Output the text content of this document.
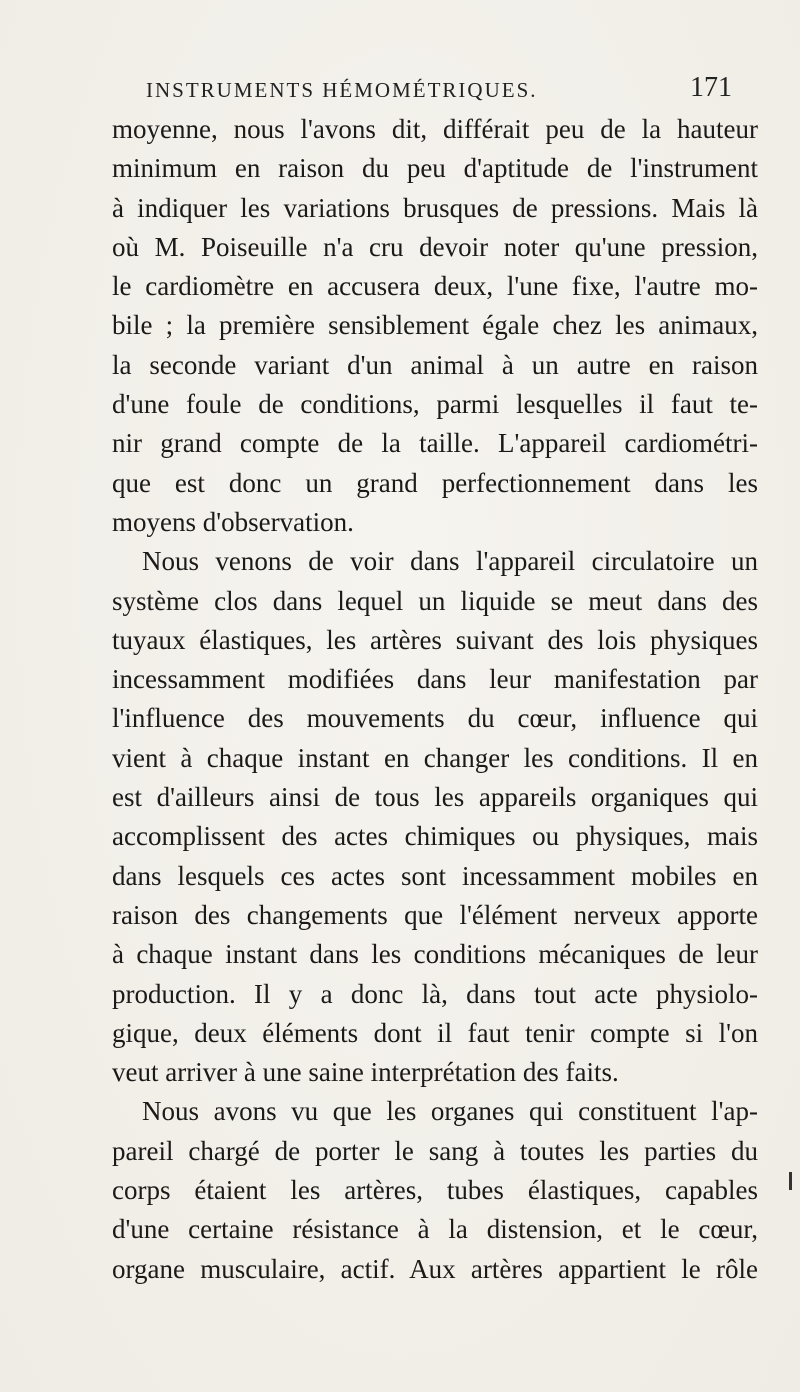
INSTRUMENTS HÉMOMÉTRIQUES.	171
moyenne, nous l'avons dit, différait peu de la hauteur
minimum en raison du peu d'aptitude de l'instrument
à indiquer les variations brusques de pressions. Mais là
où M. Poiseuille n'a cru devoir noter qu'une pression,
le cardiomètre en accusera deux, l'une fixe, l'autre mo-
bile ; la première sensiblement égale chez les animaux,
la seconde variant d'un animal à un autre en raison
d'une foule de conditions, parmi lesquelles il faut te-
nir grand compte de la taille. L'appareil cardiométri-
que est donc un grand perfectionnement dans les
moyens d'observation.
Nous venons de voir dans l'appareil circulatoire un
système clos dans lequel un liquide se meut dans des
tuyaux élastiques, les artères suivant des lois physiques
incessamment modifiées dans leur manifestation par
l'influence des mouvements du cœur, influence qui
vient à chaque instant en changer les conditions. Il en
est d'ailleurs ainsi de tous les appareils organiques qui
accomplissent des actes chimiques ou physiques, mais
dans lesquels ces actes sont incessamment mobiles en
raison des changements que l'élément nerveux apporte
à chaque instant dans les conditions mécaniques de leur
production. Il y a donc là, dans tout acte physiolo-
gique, deux éléments dont il faut tenir compte si l'on
veut arriver à une saine interprétation des faits.
Nous avons vu que les organes qui constituent l'ap-
pareil chargé de porter le sang à toutes les parties du
corps étaient les artères, tubes élastiques, capables
d'une certaine résistance à la distension, et le cœur,
organe musculaire, actif. Aux artères appartient le rôle
